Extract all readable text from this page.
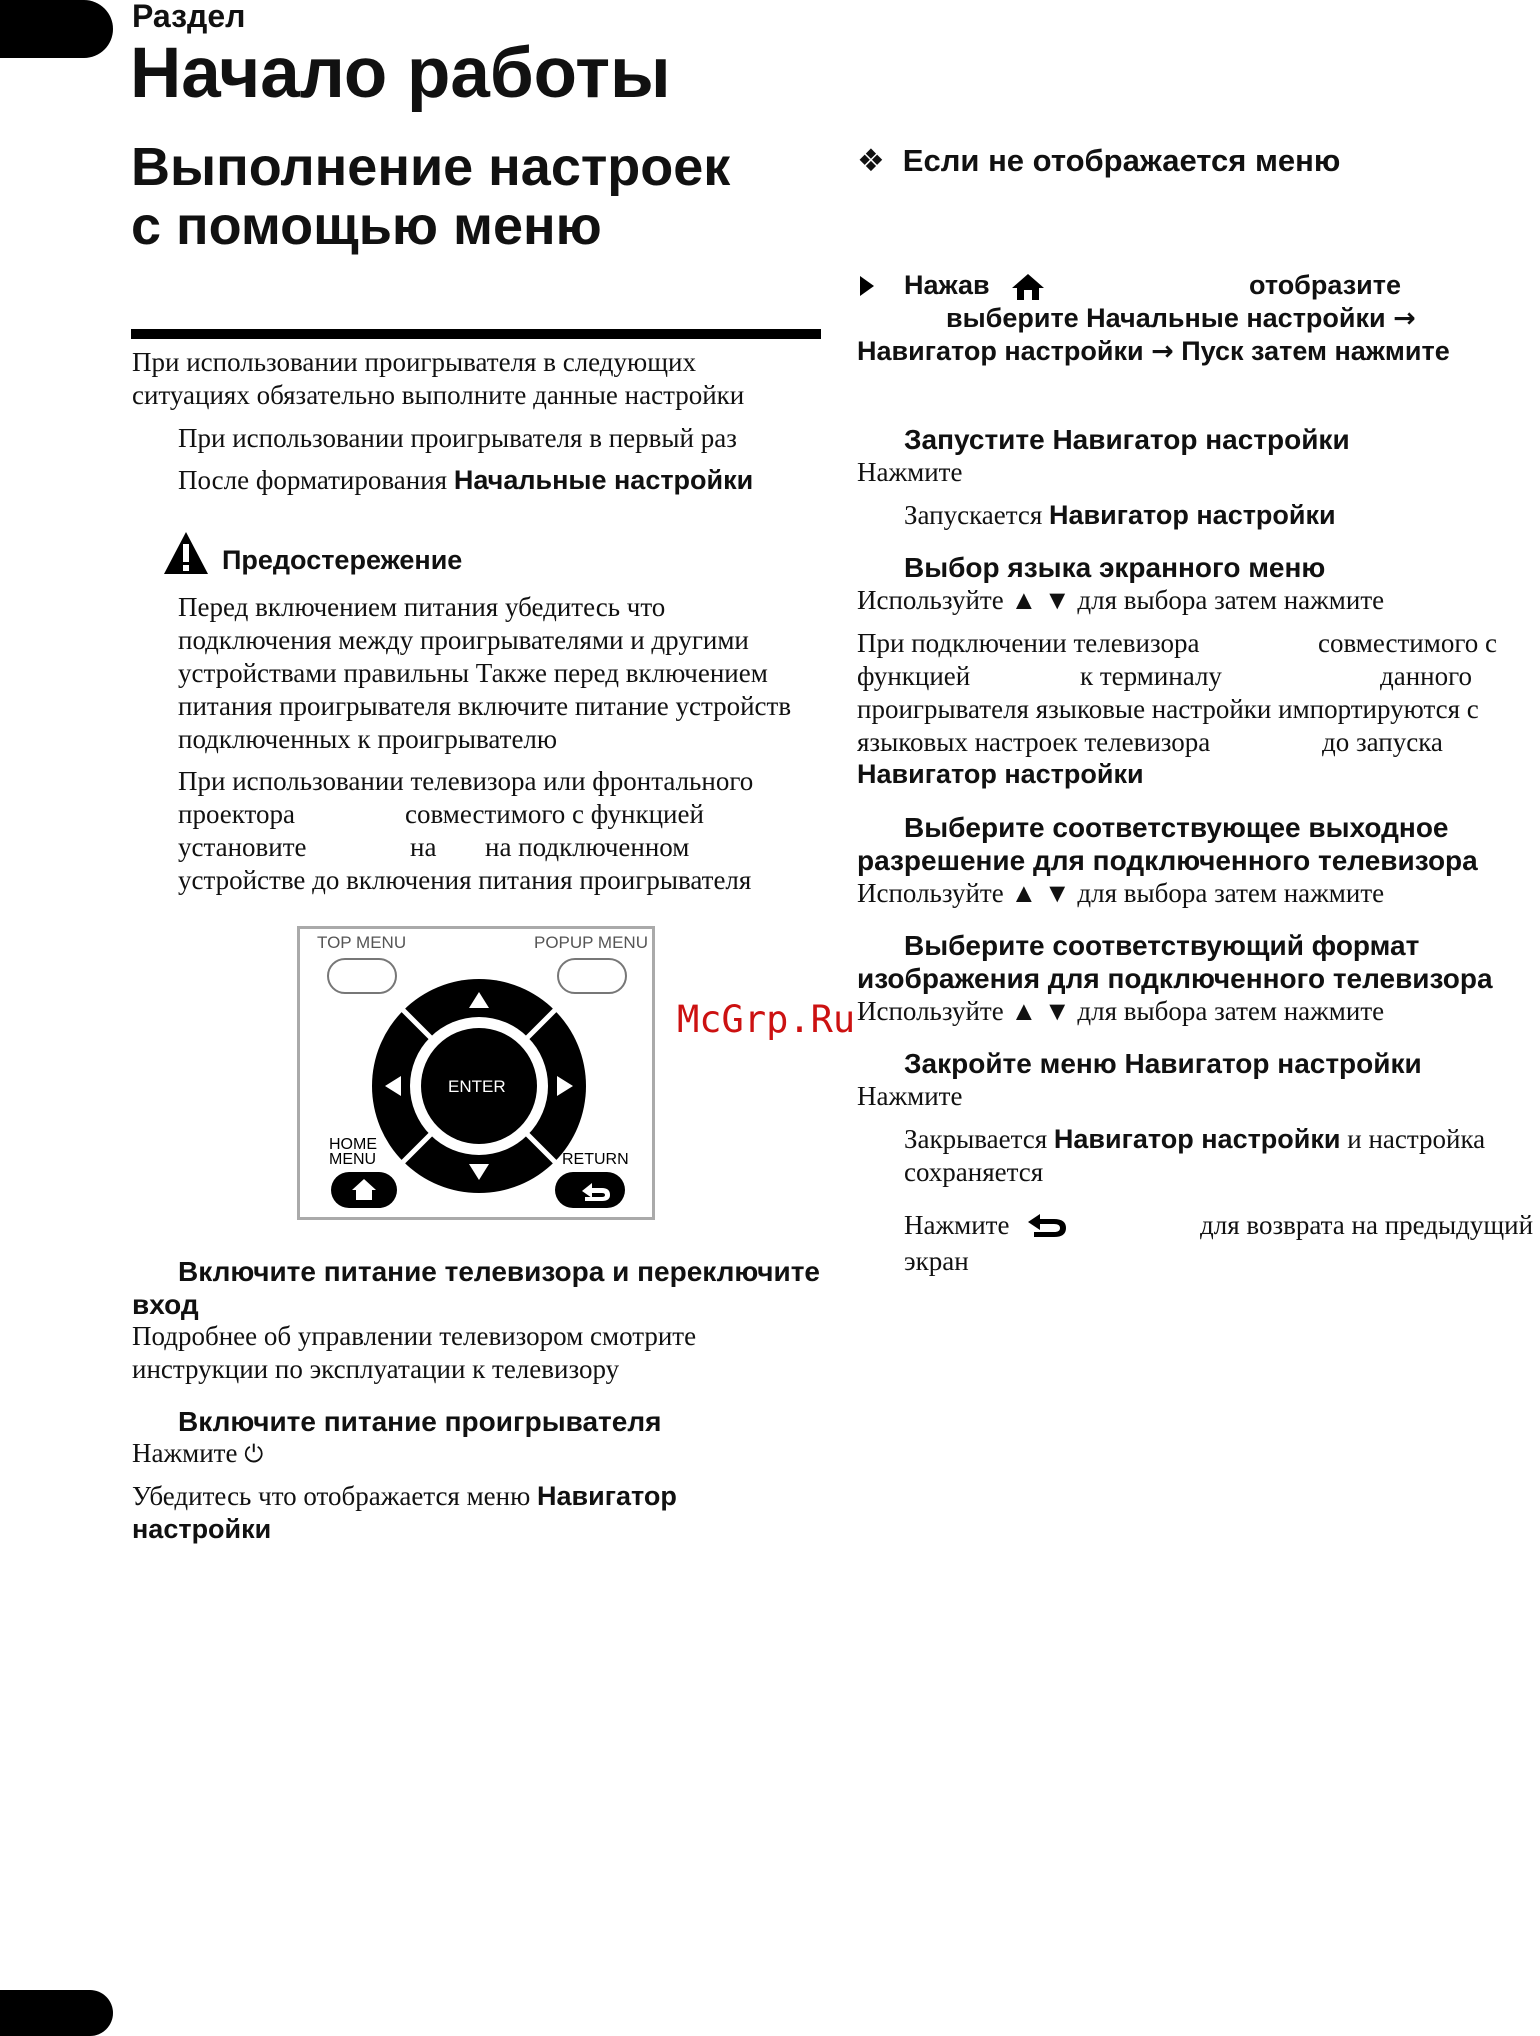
Раздел
Начало работы
Выполнение настроек
с помощью меню
При использовании проигрывателя в следующих
ситуациях обязательно выполните данные настройки
При использовании проигрывателя в первый раз
После форматирования Начальные настройки
Предостережение
Перед включением питания убедитесь что
подключения между проигрывателями и другими
устройствами правильны Также перед включением
питания проигрывателя включите питание устройств
подключенных к проигрывателю
При использовании телевизора или фронтального
проектора	совместимого с функцией
установите	на на подключенном
устройстве до включения питания проигрывателя
TOP MENU	POPUP MENU
ENTER
HOME
MENU	RETURN
Включите питание телевизора и переключите
вход
Подробнее об управлении телевизором смотрите
инструкции по эксплуатации к телевизору
Включите питание проигрывателя
Нажмите ⏻
Убедитесь что отображается меню Навигатор
настройки
❖ Если не отображается меню
Нажав	отобразите
выберите Начальные настройки →
Навигатор настройки → Пуск затем нажмите
Запустите Навигатор настройки
Нажмите
Запускается Навигатор настройки
Выбор языка экранного меню
Используйте ▲ ▼ для выбора затем нажмите
При подключении телевизора	совместимого с
функцией	к терминалу	данного
проигрывателя языковые настройки импортируются с
языковых настроек телевизора	до запуска
Навигатор настройки
Выберите соответствующее выходное
разрешение для подключенного телевизора
Используйте ▲ ▼ для выбора затем нажмите
Выберите соответствующий формат
изображения для подключенного телевизора
Используйте ▲ ▼ для выбора затем нажмите
McGrp.Ru
Закройте меню Навигатор настройки
Нажмите
Закрывается Навигатор настройки и настройка
сохраняется
Нажмите	для возврата на предыдущий
экран
